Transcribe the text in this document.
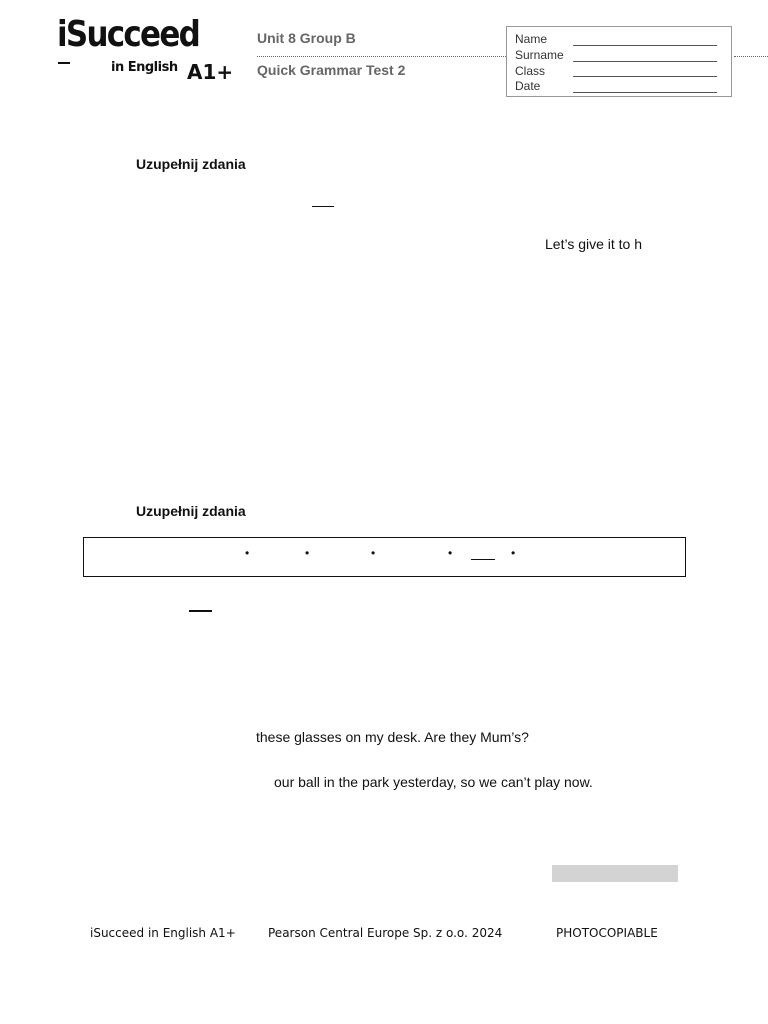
iSucceed
in English A1+
Unit 8 Group B
Quick Grammar Test 2
Name
Surname
Class
Date
Uzupełnij zdania
Let’s give it to h
Uzupełnij zdania
•	•	•	•	•
these glasses on my desk. Are they Mum’s?
our ball in the park yesterday, so we can’t play now.
iSucceed in English A1+	Pearson Central Europe Sp. z o.o. 2024	PHOTOCOPIABLE
